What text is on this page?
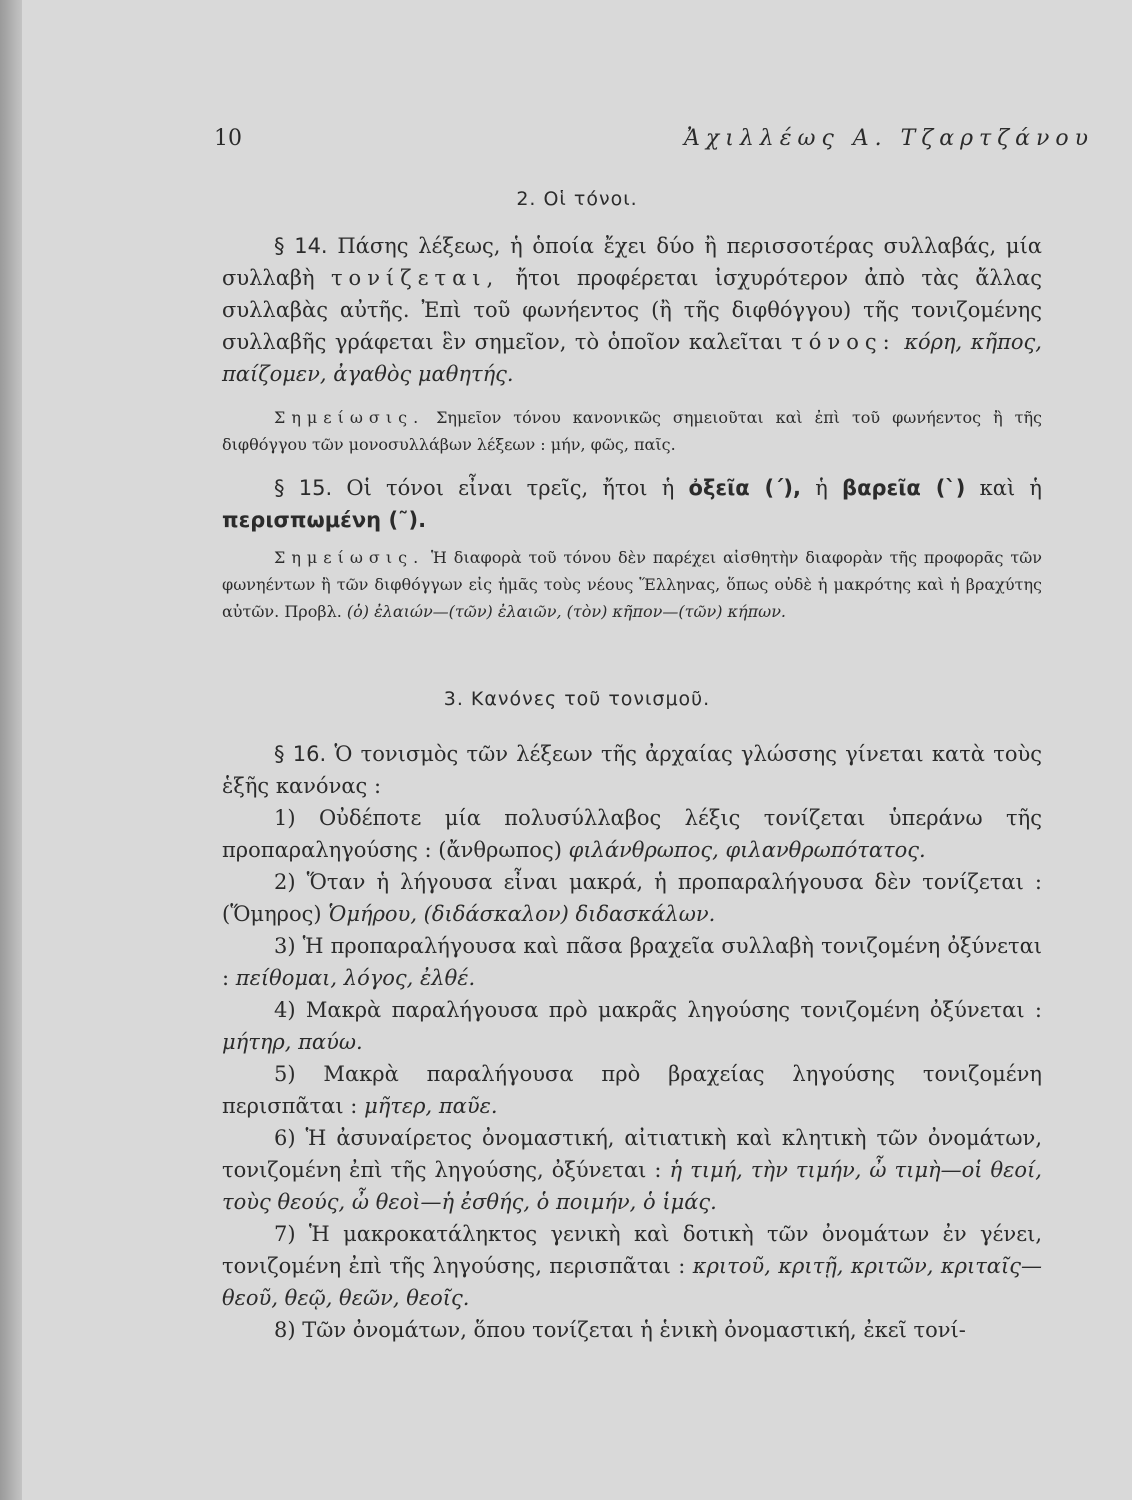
10	Ἀχιλλέως Α. Τζαρτζάνου
2. Οἱ τόνοι.

§ 14. Πάσης λέξεως, ἡ ὁποία ἔχει δύο ἢ περισσοτέρας συλλαβάς, μία συλλαβὴ τονίζεται, ἤτοι προφέρεται ἰσχυρότερον ἀπὸ τὰς ἄλλας συλλαβὰς αὐτῆς. Ἐπὶ τοῦ φωνήεντος (ἢ τῆς διφθόγγου) τῆς τονιζομένης συλλαβῆς γράφεται ἓν σημεῖον, τὸ ὁποῖον καλεῖται τόνος: κόρη, κῆπος, παίζομεν, ἀγαθὸς μαθητής.

Σημείωσις. Σημεῖον τόνου κανονικῶς σημειοῦται καὶ ἐπὶ τοῦ φωνήεντος ἢ τῆς διφθόγγου τῶν μονοσυλλάβων λέξεων : μήν, φῶς, παῖς.

§ 15. Οἱ τόνοι εἶναι τρεῖς, ἤτοι ἡ ὀξεῖα (΄), ἡ βαρεῖα (`) καὶ ἡ περισπωμένη (῀).

Σημείωσις. Ἡ διαφορὰ τοῦ τόνου δὲν παρέχει αἰσθητὴν διαφορὰν τῆς προφορᾶς τῶν φωνηέντων ἢ τῶν διφθόγγων εἰς ἡμᾶς τοὺς νέους Ἕλληνας, ὅπως οὐδὲ ἡ μακρότης καὶ ἡ βραχύτης αὐτῶν. Προβλ. (ὁ) ἐλαιών—(τῶν) ἐλαιῶν, (τὸν) κῆπον—(τῶν) κήπων.

3. Κανόνες τοῦ τονισμοῦ.

§ 16. Ὁ τονισμὸς τῶν λέξεων τῆς ἀρχαίας γλώσσης γίνεται κατὰ τοὺς ἑξῆς κανόνας :

1) Οὐδέποτε μία πολυσύλλαβος λέξις τονίζεται ὑπεράνω τῆς προπαραληγούσης : (ἄνθρωπος) φιλάνθρωπος, φιλανθρωπότατος.

2) Ὅταν ἡ λήγουσα εἶναι μακρά, ἡ προπαραλήγουσα δὲν τονίζεται : (Ὅμηρος) Ὁμήρου, (διδάσκαλον) διδασκάλων.

3) Ἡ προπαραλήγουσα καὶ πᾶσα βραχεῖα συλλαβὴ τονιζομένη ὀξύνεται : πείθομαι, λόγος, ἐλθέ.

4) Μακρὰ παραλήγουσα πρὸ μακρᾶς ληγούσης τονιζομένη ὀξύνεται : μήτηρ, παύω.

5) Μακρὰ παραλήγουσα πρὸ βραχείας ληγούσης τονιζομένη περισπᾶται : μῆτερ, παῦε.

6) Ἡ ἀσυναίρετος ὀνομαστική, αἰτιατικὴ καὶ κλητικὴ τῶν ὀνομάτων, τονιζομένη ἐπὶ τῆς ληγούσης, ὀξύνεται : ἡ τιμή, τὴν τιμήν, ὦ τιμὴ—οἱ θεοί, τοὺς θεούς, ὦ θεοὶ—ἡ ἐσθής, ὁ ποιμήν, ὁ ἱμάς.

7) Ἡ μακροκατάληκτος γενικὴ καὶ δοτικὴ τῶν ὀνομάτων ἐν γένει, τονιζομένη ἐπὶ τῆς ληγούσης, περισπᾶται : κριτοῦ, κριτῇ, κριτῶν, κριταῖς—θεοῦ, θεῷ, θεῶν, θεοῖς.

8) Τῶν ὀνομάτων, ὅπου τονίζεται ἡ ἑνικὴ ὀνομαστική, ἐκεῖ τονί-
